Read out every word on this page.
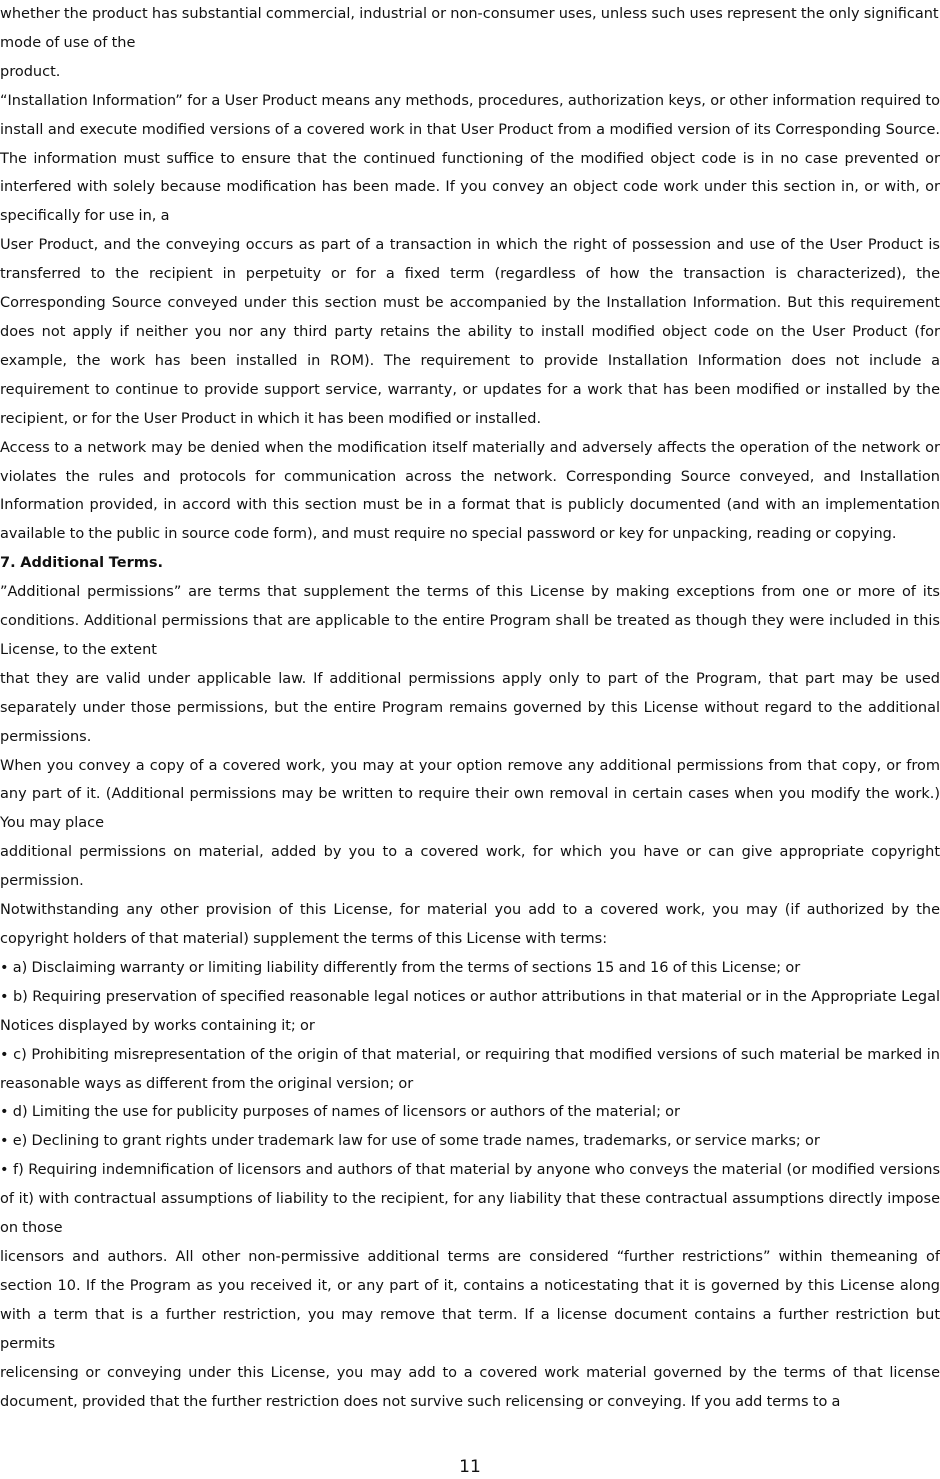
whether the product has substantial commercial, industrial or non-consumer uses, unless such uses represent the only significant mode of use of the

product.

“Installation Information” for a User Product means any methods, procedures, authorization keys, or other information required to install and execute modified versions of a covered work in that User Product from a modified version of its Corresponding Source. The information must suffice to ensure that the continued functioning of the modified object code is in no case prevented or interfered with solely because modification has been made. If you convey an object code work under this section in, or with, or specifically for use in, a

User Product, and the conveying occurs as part of a transaction in which the right of possession and use of the User Product is transferred to the recipient in perpetuity or for a fixed term (regardless of how the transaction is characterized), the Corresponding Source conveyed under this section must be accompanied by the Installation Information. But this requirement does not apply if neither you nor any third party retains the ability to install modified object code on the User Product (for example, the work has been installed in ROM). The requirement to provide Installation Information does not include a requirement to continue to provide support service, warranty, or updates for a work that has been modified or installed by the recipient, or for the User Product in which it has been modified or installed.

Access to a network may be denied when the modification itself materially and adversely affects the operation of the network or violates the rules and protocols for communication across the network. Corresponding Source conveyed, and Installation Information provided, in accord with this section must be in a format that is publicly documented (and with an implementation available to the public in source code form), and must require no special password or key for unpacking, reading or copying.

7. Additional Terms.

”Additional permissions” are terms that supplement the terms of this License by making exceptions from one or more of its conditions. Additional permissions that are applicable to the entire Program shall be treated as though they were included in this License, to the extent

that they are valid under applicable law. If additional permissions apply only to part of the Program, that part may be used separately under those permissions, but the entire Program remains governed by this License without regard to the additional permissions.

When you convey a copy of a covered work, you may at your option remove any additional permissions from that copy, or from any part of it. (Additional permissions may be written to require their own removal in certain cases when you modify the work.) You may place

additional permissions on material, added by you to a covered work, for which you have or can give appropriate copyright permission.

Notwithstanding any other provision of this License, for material you add to a covered work, you may (if authorized by the copyright holders of that material) supplement the terms of this License with terms:

• a) Disclaiming warranty or limiting liability differently from the terms of sections 15 and 16 of this License; or

• b) Requiring preservation of specified reasonable legal notices or author attributions in that material or in the Appropriate Legal Notices displayed by works containing it; or

• c) Prohibiting misrepresentation of the origin of that material, or requiring that modified versions of such material be marked in reasonable ways as different from the original version; or

• d) Limiting the use for publicity purposes of names of licensors or authors of the material; or

• e) Declining to grant rights under trademark law for use of some trade names, trademarks, or service marks; or

• f) Requiring indemnification of licensors and authors of that material by anyone who conveys the material (or modified versions of it) with contractual assumptions of liability to the recipient, for any liability that these contractual assumptions directly impose on those

licensors and authors. All other non-permissive additional terms are considered “further restrictions” within themeaning of section 10. If the Program as you received it, or any part of it, contains a noticestating that it is governed by this License along with a term that is a further restriction, you may remove that term. If a license document contains a further restriction but permits

relicensing or conveying under this License, you may add to a covered work material governed by the terms of that license document, provided that the further restriction does not survive such relicensing or conveying. If you add terms to a

11
